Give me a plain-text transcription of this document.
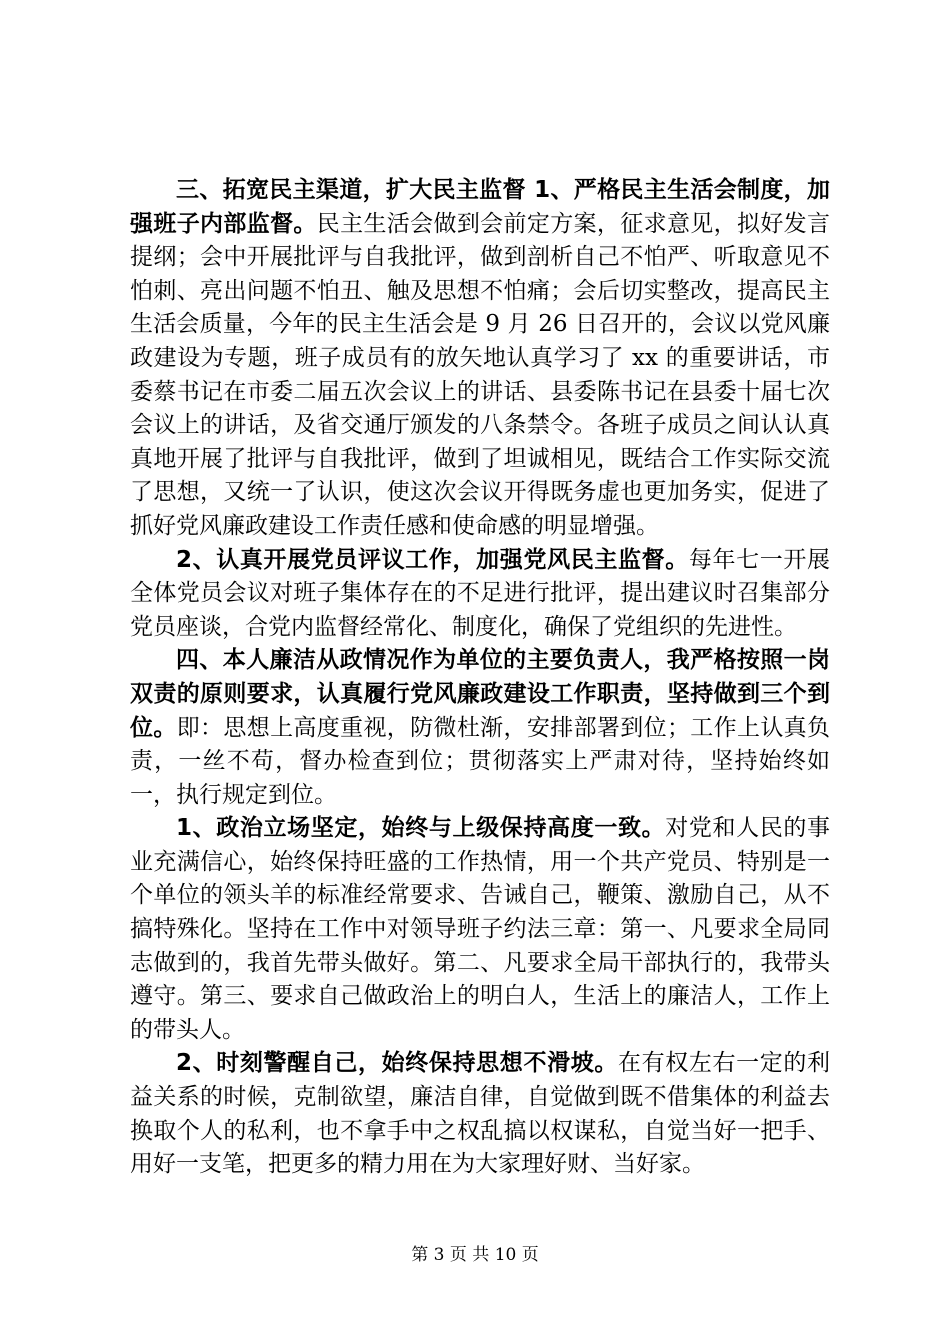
三、拓宽民主渠道，扩大民主监督 1、严格民主生活会制度，加强班子内部监督。民主生活会做到会前定方案，征求意见，拟好发言提纲；会中开展批评与自我批评，做到剖析自己不怕严、听取意见不怕刺、亮出问题不怕丑、触及思想不怕痛；会后切实整改，提高民主生活会质量，今年的民主生活会是 9 月 26 日召开的，会议以党风廉政建设为专题，班子成员有的放矢地认真学习了 xx 的重要讲话，市委蔡书记在市委二届五次会议上的讲话、县委陈书记在县委十届七次会议上的讲话，及省交通厅颁发的八条禁令。各班子成员之间认认真真地开展了批评与自我批评，做到了坦诚相见，既结合工作实际交流了思想，又统一了认识，使这次会议开得既务虚也更加务实，促进了抓好党风廉政建设工作责任感和使命感的明显增强。

2、认真开展党员评议工作，加强党风民主监督。每年七一开展全体党员会议对班子集体存在的不足进行批评，提出建议时召集部分党员座谈，合党内监督经常化、制度化，确保了党组织的先进性。

四、本人廉洁从政情况作为单位的主要负责人，我严格按照一岗双责的原则要求，认真履行党风廉政建设工作职责，坚持做到三个到位。即：思想上高度重视，防微杜渐，安排部署到位；工作上认真负责，一丝不苟，督办检查到位；贯彻落实上严肃对待，坚持始终如一，执行规定到位。

1、政治立场坚定，始终与上级保持高度一致。对党和人民的事业充满信心，始终保持旺盛的工作热情，用一个共产党员、特别是一个单位的领头羊的标准经常要求、告诫自己，鞭策、激励自己，从不搞特殊化。坚持在工作中对领导班子约法三章：第一、凡要求全局同志做到的，我首先带头做好。第二、凡要求全局干部执行的，我带头遵守。第三、要求自己做政治上的明白人，生活上的廉洁人，工作上的带头人。

2、时刻警醒自己，始终保持思想不滑坡。在有权左右一定的利益关系的时候，克制欲望，廉洁自律，自觉做到既不借集体的利益去换取个人的私利，也不拿手中之权乱搞以权谋私，自觉当好一把手、用好一支笔，把更多的精力用在为大家理好财、当好家。

第 3 页 共 10 页
